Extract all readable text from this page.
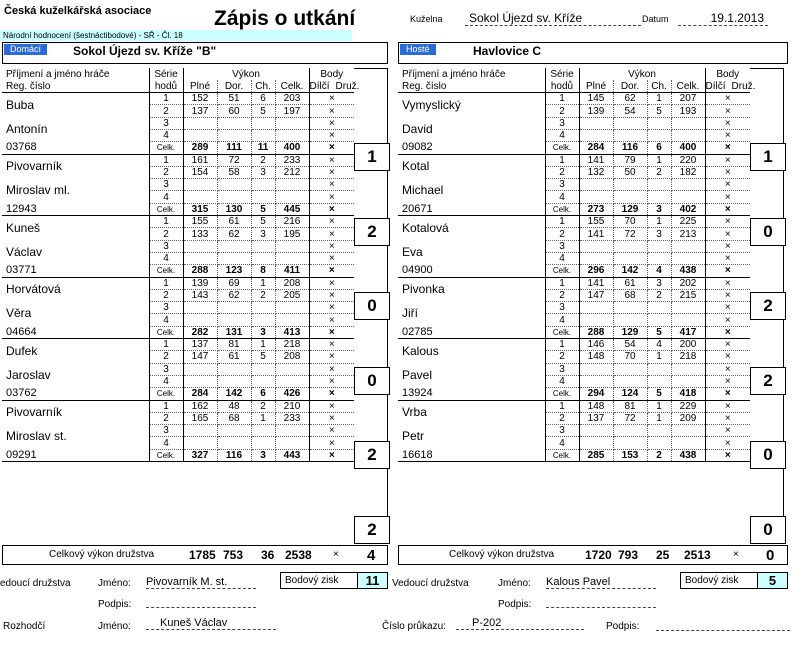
Česká kuželkářská asociace	Zápis o utkání
Národní hodnocení (šestnáctibodové) - SŘ - Čl. 18
Kuželna	Sokol Újezd sv. Kříže	Datum	19.1.2013
Domácí	Sokol Újezd sv. Kříže "B"	Hosté	Havlovice C
Příjmení a jméno hráče	Série	Výkon				Body
Reg. číslo	hodů	Plné	Dor.	Ch.	Celk.	Dílčí Druž.
Buba	1	152	51	6	203	×
	2	137	60	5	197	×
Antonín	3					×
	4					×
03768	Celk.	289	111	11	400	×
Pivovarník	1	161	72	2	233	×
	2	154	58	3	212	×
Miroslav ml.	3					×
	4					×
12943	Celk.	315	130	5	445	×
Kuneš	1	155	61	5	216	×
	2	133	62	3	195	×
Václav	3					×
	4					×
03771	Celk.	288	123	8	411	×
Horvátová	1	139	69	1	208	×
	2	143	62	2	205	×
Věra	3					×
	4					×
04664	Celk.	282	131	3	413	×
Dufek	1	137	81	1	218	×
	2	147	61	5	208	×
Jaroslav	3					×
	4					×
03762	Celk.	284	142	6	426	×
Pivovarník	1	162	48	2	210	×
	2	165	68	1	233	×
Miroslav st.	3					×
	4					×
09291	Celk.	327	116	3	443	×
1
2
0
0
2
2
Příjmení a jméno hráče	Série	Výkon				Body
Reg. číslo	hodů	Plné	Dor.	Ch.	Celk.	Dílčí Druž.
Vymyslický	1	145	62	1	207	×
	2	139	54	5	193	×
David	3					×
	4					×
09082	Celk.	284	116	6	400	×
Kotal	1	141	79	1	220	×
	2	132	50	2	182	×
Michael	3					×
	4					×
20671	Celk.	273	129	3	402	×
Kotalová	1	155	70	1	225	×
	2	141	72	3	213	×
Eva	3					×
	4					×
04900	Celk.	296	142	4	438	×
Pivonka	1	141	61	3	202	×
	2	147	68	2	215	×
Jiří	3					×
	4					×
02785	Celk.	288	129	5	417	×
Kalous	1	146	54	4	200	×
	2	148	70	1	218	×
Pavel	3					×
	4					×
13924	Celk.	294	124	5	418	×
Vrba	1	148	81	1	229	×
	2	137	72	1	209	×
Petr	3					×
	4					×
16618	Celk.	285	153	2	438	×
1
0
2
2
0
0
Celkový výkon družstva	1785 753 36 2538 × 4	Celkový výkon družstva	1720 793 25 2513 × 0
edoucí družstva	Jméno: Pivovarník M. st.	Bodový zisk	11
Podpis:
Vedoucí družstva	Jméno: Kalous Pavel	Bodový zisk	5
Podpis:
Rozhodčí	Jméno:	Kuneš Václav	Číslo průkazu:	P-202	Podpis:
